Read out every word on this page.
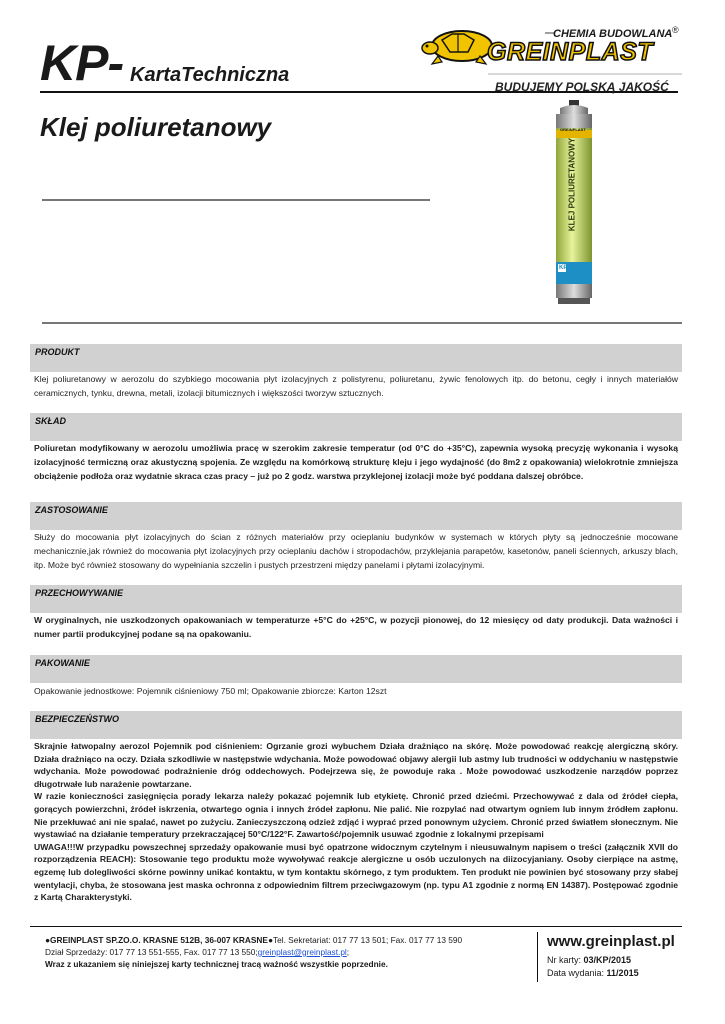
KP- KartaTechniczna
CHEMIA BUDOWLANA ®
GREINPLAST
BUDUJEMY POLSKĄ JAKOŚĆ
Klej poliuretanowy
KLEJ POLIURETANOWY
GREINPLAST
KP
PRODUKT
Klej poliuretanowy w aerozolu do szybkiego mocowania płyt izolacyjnych z polistyrenu, poliuretanu, żywic fenolowych itp. do betonu, cegły i innych materiałów ceramicznych, tynku, drewna, metali, izolacji bitumicznych i większości tworzyw sztucznych.
SKŁAD
Poliuretan modyfikowany w aerozolu umożliwia pracę w szerokim zakresie temperatur (od 0°C do +35°C), zapewnia wysoką precyzję wykonania i wysoką izolacyjność termiczną oraz akustyczną spojenia. Ze względu na komórkową strukturę kleju i jego wydajność (do 8m2 z opakowania) wielokrotnie zmniejsza obciążenie podłoża oraz wydatnie skraca czas pracy – już po 2 godz. warstwa przyklejonej izolacji może być poddana dalszej obróbce.
ZASTOSOWANIE
Służy do mocowania płyt izolacyjnych do ścian z różnych materiałów przy ociepla​niu budynków w systemach w których płyty są jednocześnie mocowane mechanicznie,jak również do mocowania płyt izolacyjnych przy ociepla​niu dachów i stropodachów, przyklejania parapetów, kasetonów, paneli ściennych, arkuszy blach, itp. Może być również stosowany do wypełniania szczelin i pustych przestrzeni między panelami i płytami izolacyjnymi.
PRZECHOWYWANIE
W oryginalnych, nie uszkodzonych opakowaniach w temperaturze +5°C do +25°C, w pozycji pionowej, do 12 miesięcy od daty produkcji. Data ważności i numer partii produkcyjnej podane są na opakowaniu.
PAKOWANIE
Opakowanie jednostkowe: Pojemnik ciśnieniowy 750 ml; Opakowanie zbiorcze: Karton 12szt
BEZPIECZEŃSTWO

Skrajnie łatwopalny aerozol Pojemnik pod ciśnieniem: Ogrzanie grozi wybuchem Działa drażniąco na skórę. Może powodować reakcję alergiczną skóry. Działa drażniąco na oczy. Działa szkodliwie w następstwie wdychania. Może powodować objawy alergii lub astmy lub trudności w oddychaniu w następstwie wdychania. Może powodować podrażnienie dróg oddechowych. Podejrzewa się, że powoduje raka . Może powodować uszkodzenie narządów poprzez długotrwałe lub narażenie powtarzane.

W razie konieczności zasięgnięcia porady lekarza należy pokazać pojemnik lub etykietę. Chronić przed dziećmi. Przechowywać z dala od źródeł ciepła, gorących powierzchni, źródeł iskrzenia, otwartego ognia i innych źródeł zapłonu. Nie palić. Nie rozpylać nad otwartym ogniem lub innym źródłem zapłonu. Nie przekłuwać ani nie spalać, nawet po zużyciu. Zanieczyszczoną odzież zdjąć i wyprać przed ponownym użyciem. Chronić przed światłem słonecznym. Nie wystawiać na działanie temperatury przekraczającej 50°C/122°F. Zawartość/pojemnik usuwać zgodnie z lokalnymi przepisami

UWAGA!!!W przypadku powszechnej sprzedaży opakowanie musi być opatrzone widocznym czytelnym i nieusuwalnym napisem o treści (załącznik XVII do rozporządzenia REACH): Stosowanie tego produktu może wywoływać reakcje alergiczne u osób uczulonych na diizocyjaniany. Osoby cierpiące na astmę, egzemę lub dolegliwości skórne powinny unikać kontaktu, w tym kontaktu skórnego, z tym produktem. Ten produkt nie powinien być stosowany przy słabej wentylacji, chyba, że stosowana jest maska ochronna z odpowiednim filtrem przeciwgazowym (np. typu A1 zgodnie z normą EN 14387). Postępować zgodnie z Kartą Charakterystyki.

●GREINPLAST SP.ZO.O. KRASNE 512B, 36-007 KRASNE●Tel. Sekretariat: 017 77 13 501; Fax. 017 77 13 590
Dział Sprzedaży: 017 77 13 551-555, Fax. 017 77 13 550;greinplast@greinplast.pl;
Wraz z ukazaniem się niniejszej karty technicznej tracą ważność wszystkie poprzednie.
www.greinplast.pl
Nr karty: 03/KP/2015
Data wydania: 11/2015
